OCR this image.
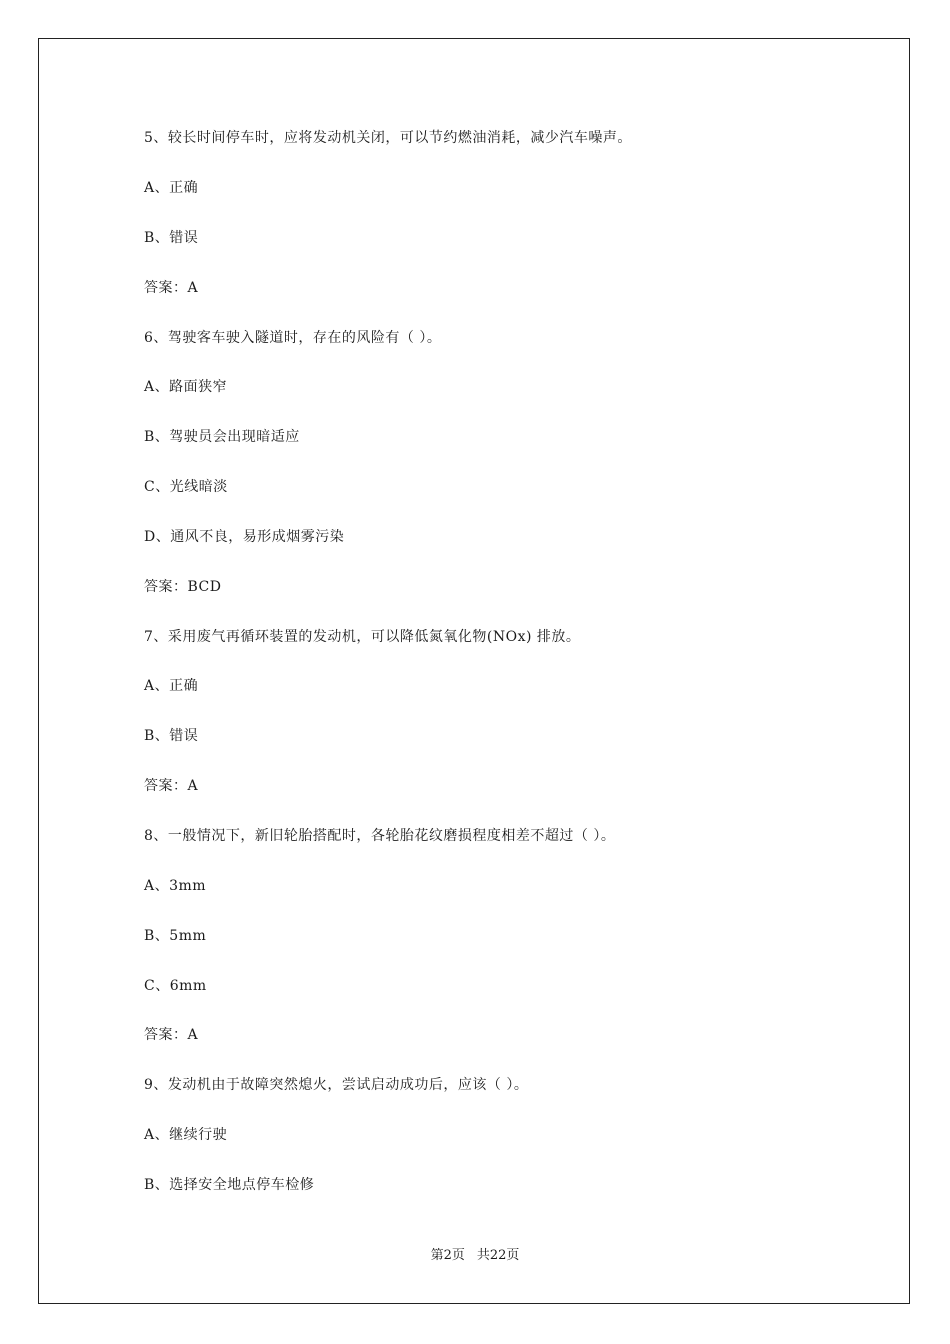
5、较长时间停车时，应将发动机关闭，可以节约燃油消耗，减少汽车噪声。
A、正确
B、错误
答案：A
6、驾驶客车驶入隧道时，存在的风险有（ ）。
A、路面狭窄
B、驾驶员会出现暗适应
C、光线暗淡
D、通风不良，易形成烟雾污染
答案：BCD
7、采用废气再循环装置的发动机，可以降低氮氧化物(NOx) 排放。
A、正确
B、错误
答案：A
8、一般情况下，新旧轮胎搭配时，各轮胎花纹磨损程度相差不超过（ ）。
A、3mm
B、5mm
C、6mm
答案：A
9、发动机由于故障突然熄火，尝试启动成功后，应该（ ）。
A、继续行驶
B、选择安全地点停车检修
第2页 共22页
